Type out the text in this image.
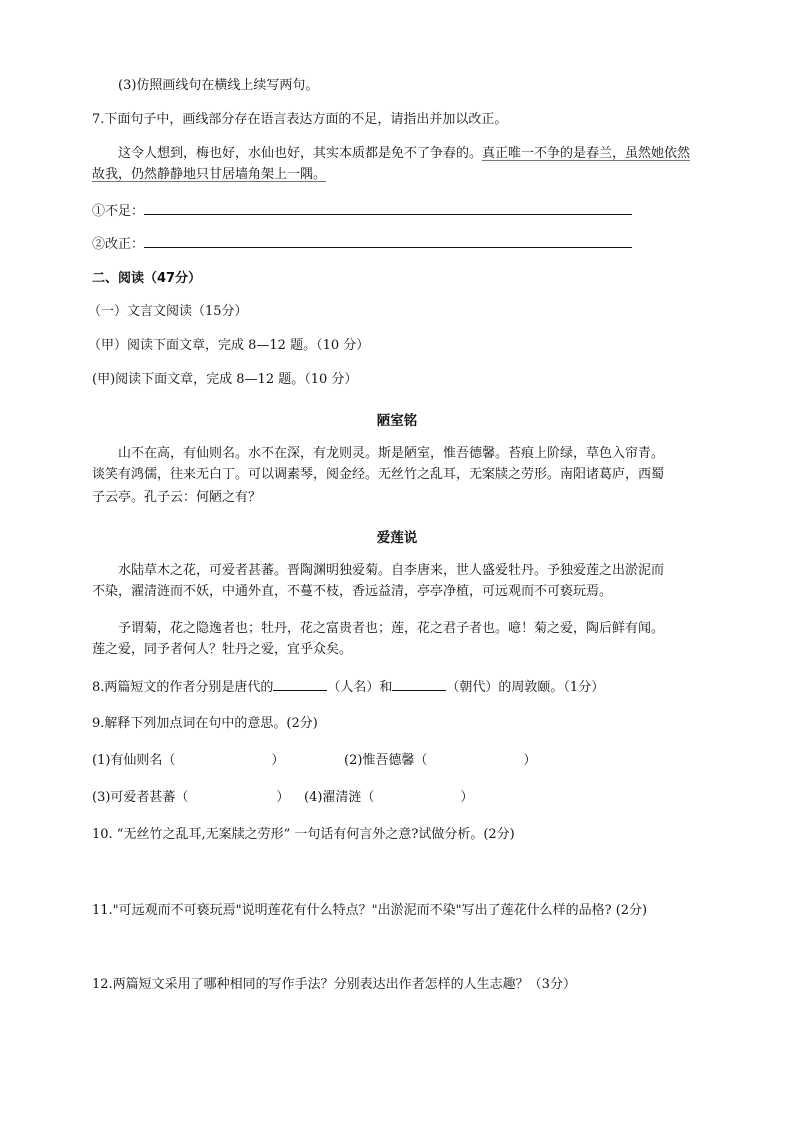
(3)仿照画线句在横线上续写两句。
7.下面句子中，画线部分存在语言表达方面的不足，请指出并加以改正。
这令人想到，梅也好，水仙也好，其实本质都是免不了争春的。真正唯一不争的是春兰，虽然她依然
故我，仍然静静地只甘居墙角架上一隅。
①不足：
②改正：
二、阅读（47分）
（一）文言文阅读（15分）
（甲）阅读下面文章，完成 8—12 题。（10 分）
(甲)阅读下面文章，完成 8—12 题。（10 分）
陋室铭
山不在高，有仙则名。水不在深，有龙则灵。斯是陋室，惟吾德馨。苔痕上阶绿，草色入帘青。
谈笑有鸿儒，往来无白丁。可以调素琴，阅金经。无丝竹之乱耳，无案牍之劳形。南阳诸葛庐，西蜀
子云亭。孔子云：何陋之有？
爱莲说
水陆草木之花，可爱者甚蕃。晋陶渊明独爱菊。自李唐来，世人盛爱牡丹。予独爱莲之出淤泥而
不染，濯清涟而不妖，中通外直，不蔓不枝，香远益清，亭亭净植，可远观而不可亵玩焉。
予谓菊，花之隐逸者也；牡丹，花之富贵者也；莲，花之君子者也。噫！菊之爱，陶后鲜有闻。
莲之爱，同予者何人？牡丹之爱，宜乎众矣。
8.两篇短文的作者分别是唐代的	（人名）和	（朝代）的周敦颐。（1分）
9.解释下列加点词在句中的意思。(2分)
(1)有仙则名（	）	(2)惟吾德馨（	）
(3)可爱者甚蕃（	） (4)濯清涟（	）
10. “无丝竹之乱耳,无案牍之劳形” 一句话有何言外之意?试做分析。(2分)
11."可远观而不可亵玩焉"说明莲花有什么特点？"出淤泥而不染"写出了莲花什么样的品格? (2分)
12.两篇短文采用了哪种相同的写作手法？分别表达出作者怎样的人生志趣？（3分）
